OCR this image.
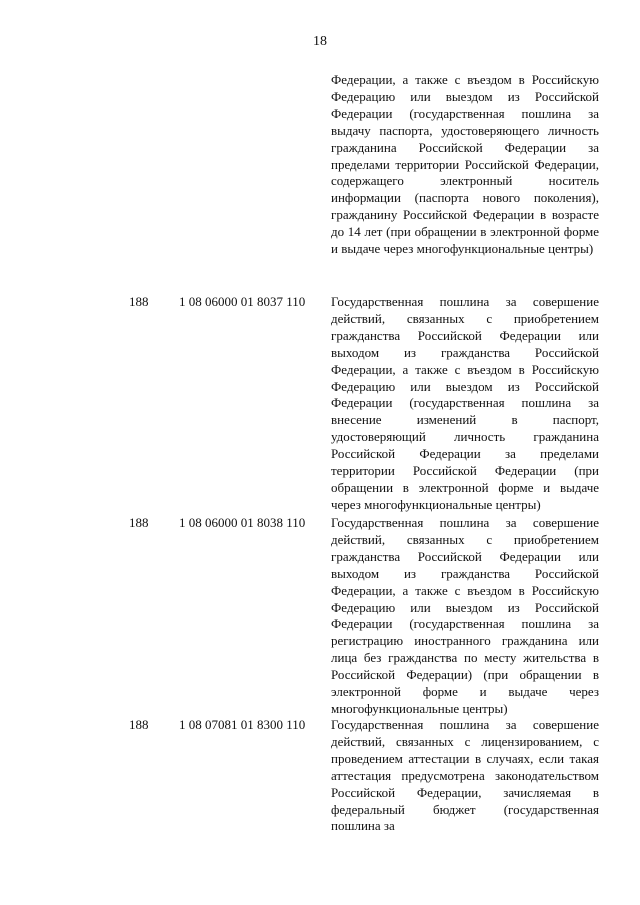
18

Федерации, а также с въездом в Российскую Федерацию или выездом из Российской Федерации (государственная пошлина за выдачу паспорта, удостоверяющего личность гражданина Российской Федерации за пределами территории Российской Федерации, содержащего электронный носитель информации (паспорта нового поколения), гражданину Российской Федерации в возрасте до 14 лет (при обращении в электронной форме и выдаче через многофункциональные центры)

188 1 08 06000 01 8037 110 Государственная пошлина за совершение действий, связанных с приобретением гражданства Российской Федерации или выходом из гражданства Российской Федерации, а также с въездом в Российскую Федерацию или выездом из Российской Федерации (государственная пошлина за внесение изменений в паспорт, удостоверяющий личность гражданина Российской Федерации за пределами территории Российской Федерации (при обращении в электронной форме и выдаче через многофункциональные центры)

188 1 08 06000 01 8038 110 Государственная пошлина за совершение действий, связанных с приобретением гражданства Российской Федерации или выходом из гражданства Российской Федерации, а также с въездом в Российскую Федерацию или выездом из Российской Федерации (государственная пошлина за регистрацию иностранного гражданина или лица без гражданства по месту жительства в Российской Федерации) (при обращении в электронной форме и выдаче через многофункциональные центры)

188 1 08 07081 01 8300 110 Государственная пошлина за совершение действий, связанных с лицензированием, с проведением аттестации в случаях, если такая аттестация предусмотрена законодательством Российской Федерации, зачисляемая в федеральный бюджет (государственная пошлина за
